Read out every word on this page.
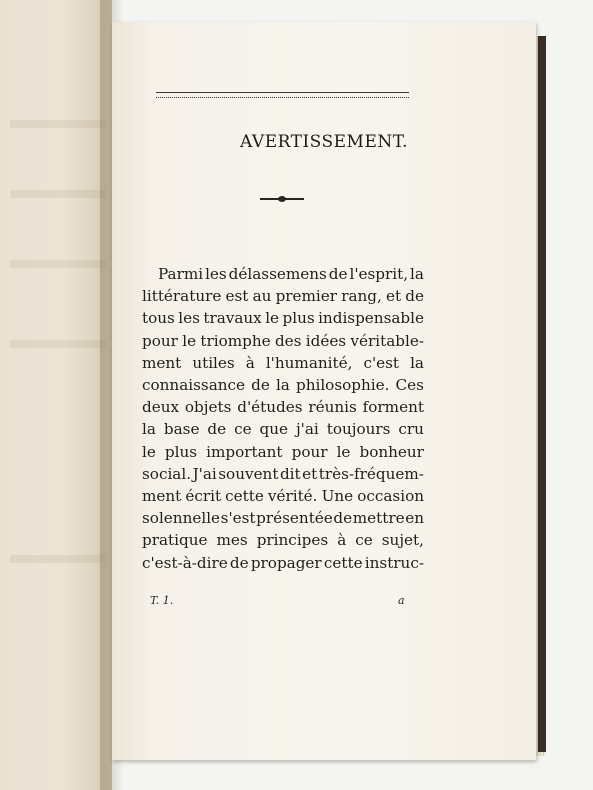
AVERTISSEMENT.
Parmi les délassemens de l'esprit, la
littérature est au premier rang, et de
tous les travaux le plus indispensable
pour le triomphe des idées véritable-
ment utiles à l'humanité, c'est la
connaissance de la philosophie. Ces
deux objets d'études réunis forment
la base de ce que j'ai toujours cru
le plus important pour le bonheur
social. J'ai souvent dit et très-fréquem-
ment écrit cette vérité. Une occasion
solennelle s'est présentée de mettre en
pratique mes principes à ce sujet,
c'est-à-dire de propager cette instruc-
T. 1.	a
